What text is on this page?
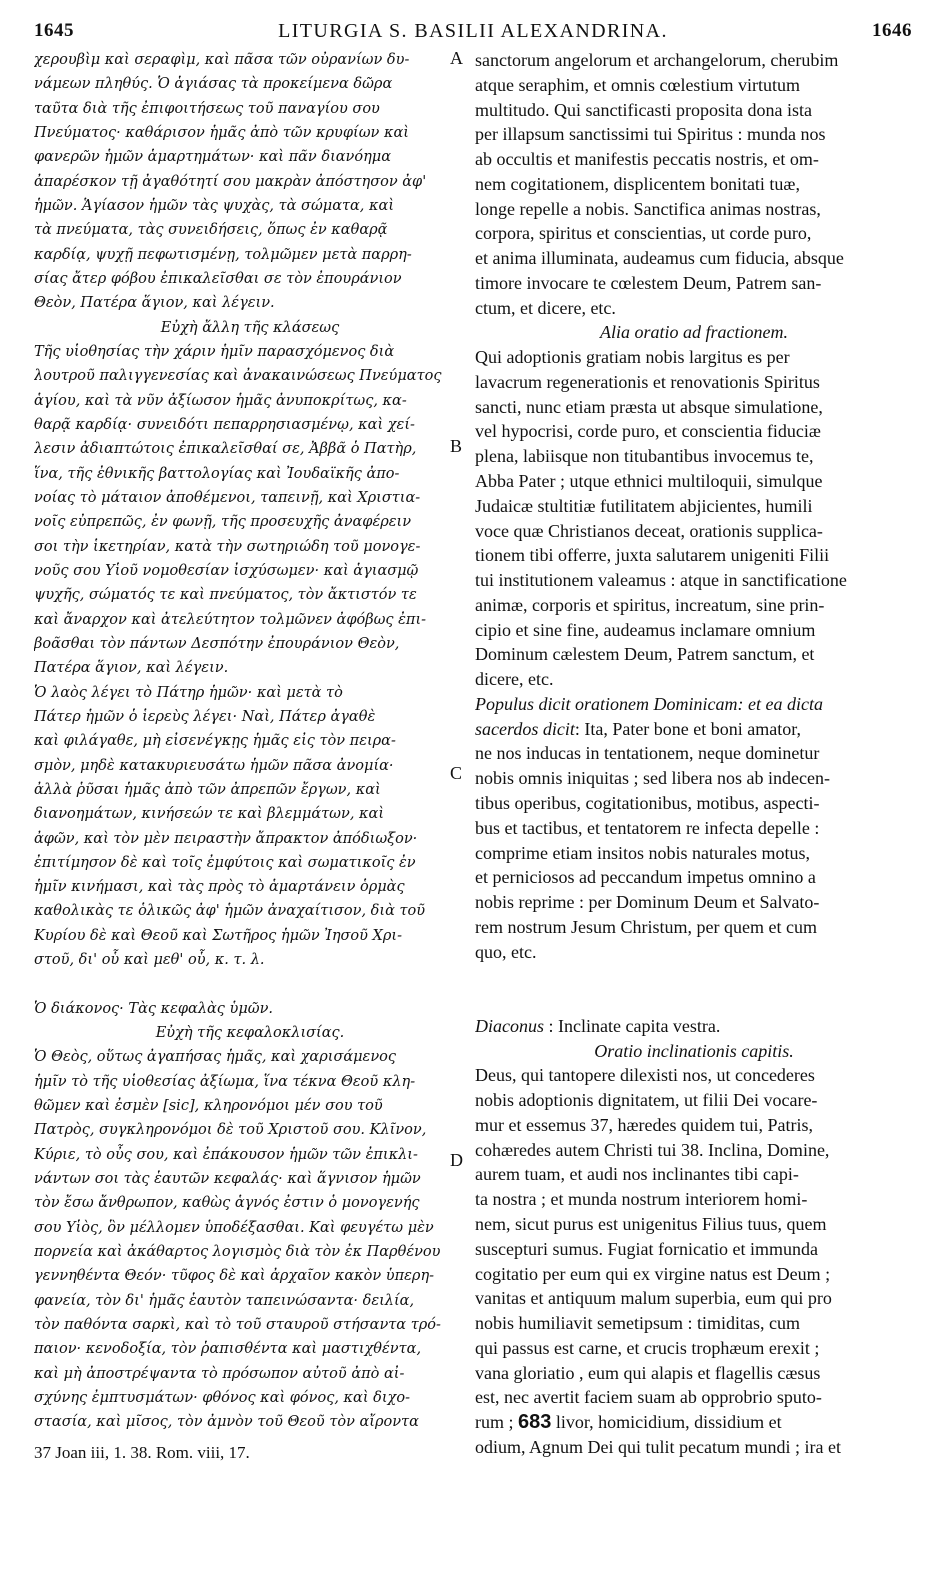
1645	LITURGIA S. BASILII ALEXANDRINA.	1646
A
B
C
D

χερουβὶμ καὶ σεραφὶμ, καὶ πᾶσα τῶν οὐρανίων δυ-

νάμεων πληθύς. Ὁ ἁγιάσας τὰ προκείμενα δῶρα

ταῦτα διὰ τῆς ἐπιφοιτήσεως τοῦ παναγίου σου

Πνεύματος· καθάρισον ἡμᾶς ἀπὸ τῶν κρυφίων καὶ

φανερῶν ἡμῶν ἁμαρτημάτων· καὶ πᾶν διανόημα

ἀπαρέσκον τῇ ἀγαθότητί σου μακρὰν ἀπόστησον ἀφ'

ἡμῶν. Ἁγίασον ἡμῶν τὰς ψυχὰς, τὰ σώματα, καὶ

τὰ πνεύματα, τὰς συνειδήσεις, ὅπως ἐν καθαρᾷ

καρδίᾳ, ψυχῇ πεφωτισμένῃ, τολμῶμεν μετὰ παρρη-

σίας ἄτερ φόβου ἐπικαλεῖσθαι σε τὸν ἐπουράνιον

Θεὸν, Πατέρα ἅγιον, καὶ λέγειν.

Εὐχὴ ἄλλη τῆς κλάσεως

Τῆς υἱοθησίας τὴν χάριν ἡμῖν παρασχόμενος διὰ

λουτροῦ παλιγγενεσίας καὶ ἀνακαινώσεως Πνεύματος

ἁγίου, καὶ τὰ νῦν ἀξίωσον ἡμᾶς ἀνυποκρίτως, κα-

θαρᾷ καρδίᾳ· συνειδότι πεπαρρησιασμένῳ, καὶ χεί-

λεσιν ἀδιαπτώτοις ἐπικαλεῖσθαί σε, Ἀββᾶ ὁ Πατὴρ,

ἵνα, τῆς ἐθνικῆς βαττολογίας καὶ Ἰουδαϊκῆς ἀπο-

νοίας τὸ μάταιον ἀποθέμενοι, ταπεινῇ, καὶ Χριστια-

νοῖς εὐπρεπῶς, ἐν φωνῇ, τῆς προσευχῆς ἀναφέρειν

σοι τὴν ἱκετηρίαν, κατὰ τὴν σωτηριώδη τοῦ μονογε-

νοῦς σου Υἱοῦ νομοθεσίαν ἰσχύσωμεν· καὶ ἁγιασμῷ

ψυχῆς, σώματός τε καὶ πνεύματος, τὸν ἄκτιστόν τε

καὶ ἄναρχον καὶ ἀτελεύτητον τολμῶνεν ἀφόβως ἐπι-

βοᾶσθαι τὸν πάντων Δεσπότην ἐπουράνιον Θεὸν,

Πατέρα ἅγιον, καὶ λέγειν.

Ὁ λαὸς λέγει τὸ Πάτηρ ἡμῶν· καὶ μετὰ τὸ

Πάτερ ἡμῶν ὁ ἱερεὺς λέγει· Ναὶ, Πάτερ ἀγαθὲ

καὶ φιλάγαθε, μὴ εἰσενέγκῃς ἡμᾶς εἰς τὸν πειρα-

σμὸν, μηδὲ κατακυριευσάτω ἡμῶν πᾶσα ἀνομία·

ἀλλὰ ῥῦσαι ἡμᾶς ἀπὸ τῶν ἀπρεπῶν ἔργων, καὶ

διανοημάτων, κινήσεών τε καὶ βλεμμάτων, καὶ

ἀφῶν, καὶ τὸν μὲν πειραστὴν ἄπρακτον ἀπόδιωξον·

ἐπιτίμησον δὲ καὶ τοῖς ἐμφύτοις καὶ σωματικοῖς ἐν

ἡμῖν κινήμασι, καὶ τὰς πρὸς τὸ ἁμαρτάνειν ὁρμὰς

καθολικὰς τε ὁλικῶς ἀφ' ἡμῶν ἀναχαίτισον, διὰ τοῦ

Κυρίου δὲ καὶ Θεοῦ καὶ Σωτῆρος ἡμῶν Ἰησοῦ Χρι-

στοῦ, δι' οὗ καὶ μεθ' οὗ, κ. τ. λ.

Ὁ διάκονος· Τὰς κεφαλὰς ὑμῶν.

Εὐχὴ τῆς κεφαλοκλισίας.

Ὁ Θεὸς, οὕτως ἀγαπήσας ἡμᾶς, καὶ χαρισάμενος

ἡμῖν τὸ τῆς υἱοθεσίας ἀξίωμα, ἵνα τέκνα Θεοῦ κλη-

θῶμεν καὶ ἐσμὲν [sic], κληρονόμοι μέν σου τοῦ

Πατρὸς, συγκληρονόμοι δὲ τοῦ Χριστοῦ σου. Κλῖνον,

Κύριε, τὸ οὖς σου, καὶ ἐπάκουσον ἡμῶν τῶν ἐπικλι-

νάντων σοι τὰς ἑαυτῶν κεφαλάς· καὶ ἅγνισον ἡμῶν

τὸν ἔσω ἄνθρωπον, καθὼς ἁγνός ἐστιν ὁ μονογενής

σου Υἱὸς, ὃν μέλλομεν ὑποδέξασθαι. Καὶ φευγέτω μὲν

πορνεία καὶ ἀκάθαρτος λογισμὸς διὰ τὸν ἐκ Παρθένου

γεννηθέντα Θεόν· τῦφος δὲ καὶ ἀρχαῖον κακὸν ὑπερη-

φανεία, τὸν δι' ἡμᾶς ἑαυτὸν ταπεινώσαντα· δειλία,

τὸν παθόντα σαρκὶ, καὶ τὸ τοῦ σταυροῦ στήσαντα τρό-

παιον· κενοδοξία, τὸν ῥαπισθέντα καὶ μαστιχθέντα,

καὶ μὴ ἀποστρέψαντα τὸ πρόσωπον αὐτοῦ ἀπὸ αἰ-

σχύνης ἐμπτυσμάτων· φθόνος καὶ φόνος, καὶ διχο-

στασία, καὶ μῖσος, τὸν ἀμνὸν τοῦ Θεοῦ τὸν αἴροντα

sanctorum angelorum et archangelorum, cherubim

atque seraphim, et omnis cœlestium virtutum

multitudo. Qui sanctificasti proposita dona ista

per illapsum sanctissimi tui Spiritus : munda nos

ab occultis et manifestis peccatis nostris, et om-

nem cogitationem, displicentem bonitati tuæ,

longe repelle a nobis. Sanctifica animas nostras,

corpora, spiritus et conscientias, ut corde puro,

et anima illuminata, audeamus cum fiducia, absque

timore invocare te cœlestem Deum, Patrem san-

ctum, et dicere, etc.

Alia oratio ad fractionem.

Qui adoptionis gratiam nobis largitus es per

lavacrum regenerationis et renovationis Spiritus

sancti, nunc etiam præsta ut absque simulatione,

vel hypocrisi, corde puro, et conscientia fiduciæ

plena, labiisque non titubantibus invocemus te,

Abba Pater ; utque ethnici multiloquii, simulque

Judaicæ stultitiæ futilitatem abjicientes, humili

voce quæ Christianos deceat, orationis supplica-

tionem tibi offerre, juxta salutarem unigeniti Filii

tui institutionem valeamus : atque in sanctificatione

animæ, corporis et spiritus, increatum, sine prin-

cipio et sine fine, audeamus inclamare omnium

Dominum cælestem Deum, Patrem sanctum, et

dicere, etc.

Populus dicit orationem Dominicam: et ea dicta

sacerdos dicit: Ita, Pater bone et boni amator,

ne nos inducas in tentationem, neque dominetur

nobis omnis iniquitas ; sed libera nos ab indecen-

tibus operibus, cogitationibus, motibus, aspecti-

bus et tactibus, et tentatorem re infecta depelle :

comprime etiam insitos nobis naturales motus,

et perniciosos ad peccandum impetus omnino a

nobis reprime : per Dominum Deum et Salvato-

rem nostrum Jesum Christum, per quem et cum

quo, etc.

Diaconus : Inclinate capita vestra.

Oratio inclinationis capitis.

Deus, qui tantopere dilexisti nos, ut concederes

nobis adoptionis dignitatem, ut filii Dei vocare-

mur et essemus 37, hæredes quidem tui, Patris,

cohæredes autem Christi tui 38. Inclina, Domine,

aurem tuam, et audi nos inclinantes tibi capi-

ta nostra ; et munda nostrum interiorem homi-

nem, sicut purus est unigenitus Filius tuus, quem

suscepturi sumus. Fugiat fornicatio et immunda

cogitatio per eum qui ex virgine natus est Deum ;

vanitas et antiquum malum superbia, eum qui pro

nobis humiliavit semetipsum : timiditas, cum

qui passus est carne, et crucis trophæum erexit ;

vana gloriatio , eum qui alapis et flagellis cæsus

est, nec avertit faciem suam ab opprobrio sputo-

rum ; 683 livor, homicidium, dissidium et

odium, Agnum Dei qui tulit pecatum mundi ; ira et

37 Joan iii, 1. 38. Rom. viii, 17.
